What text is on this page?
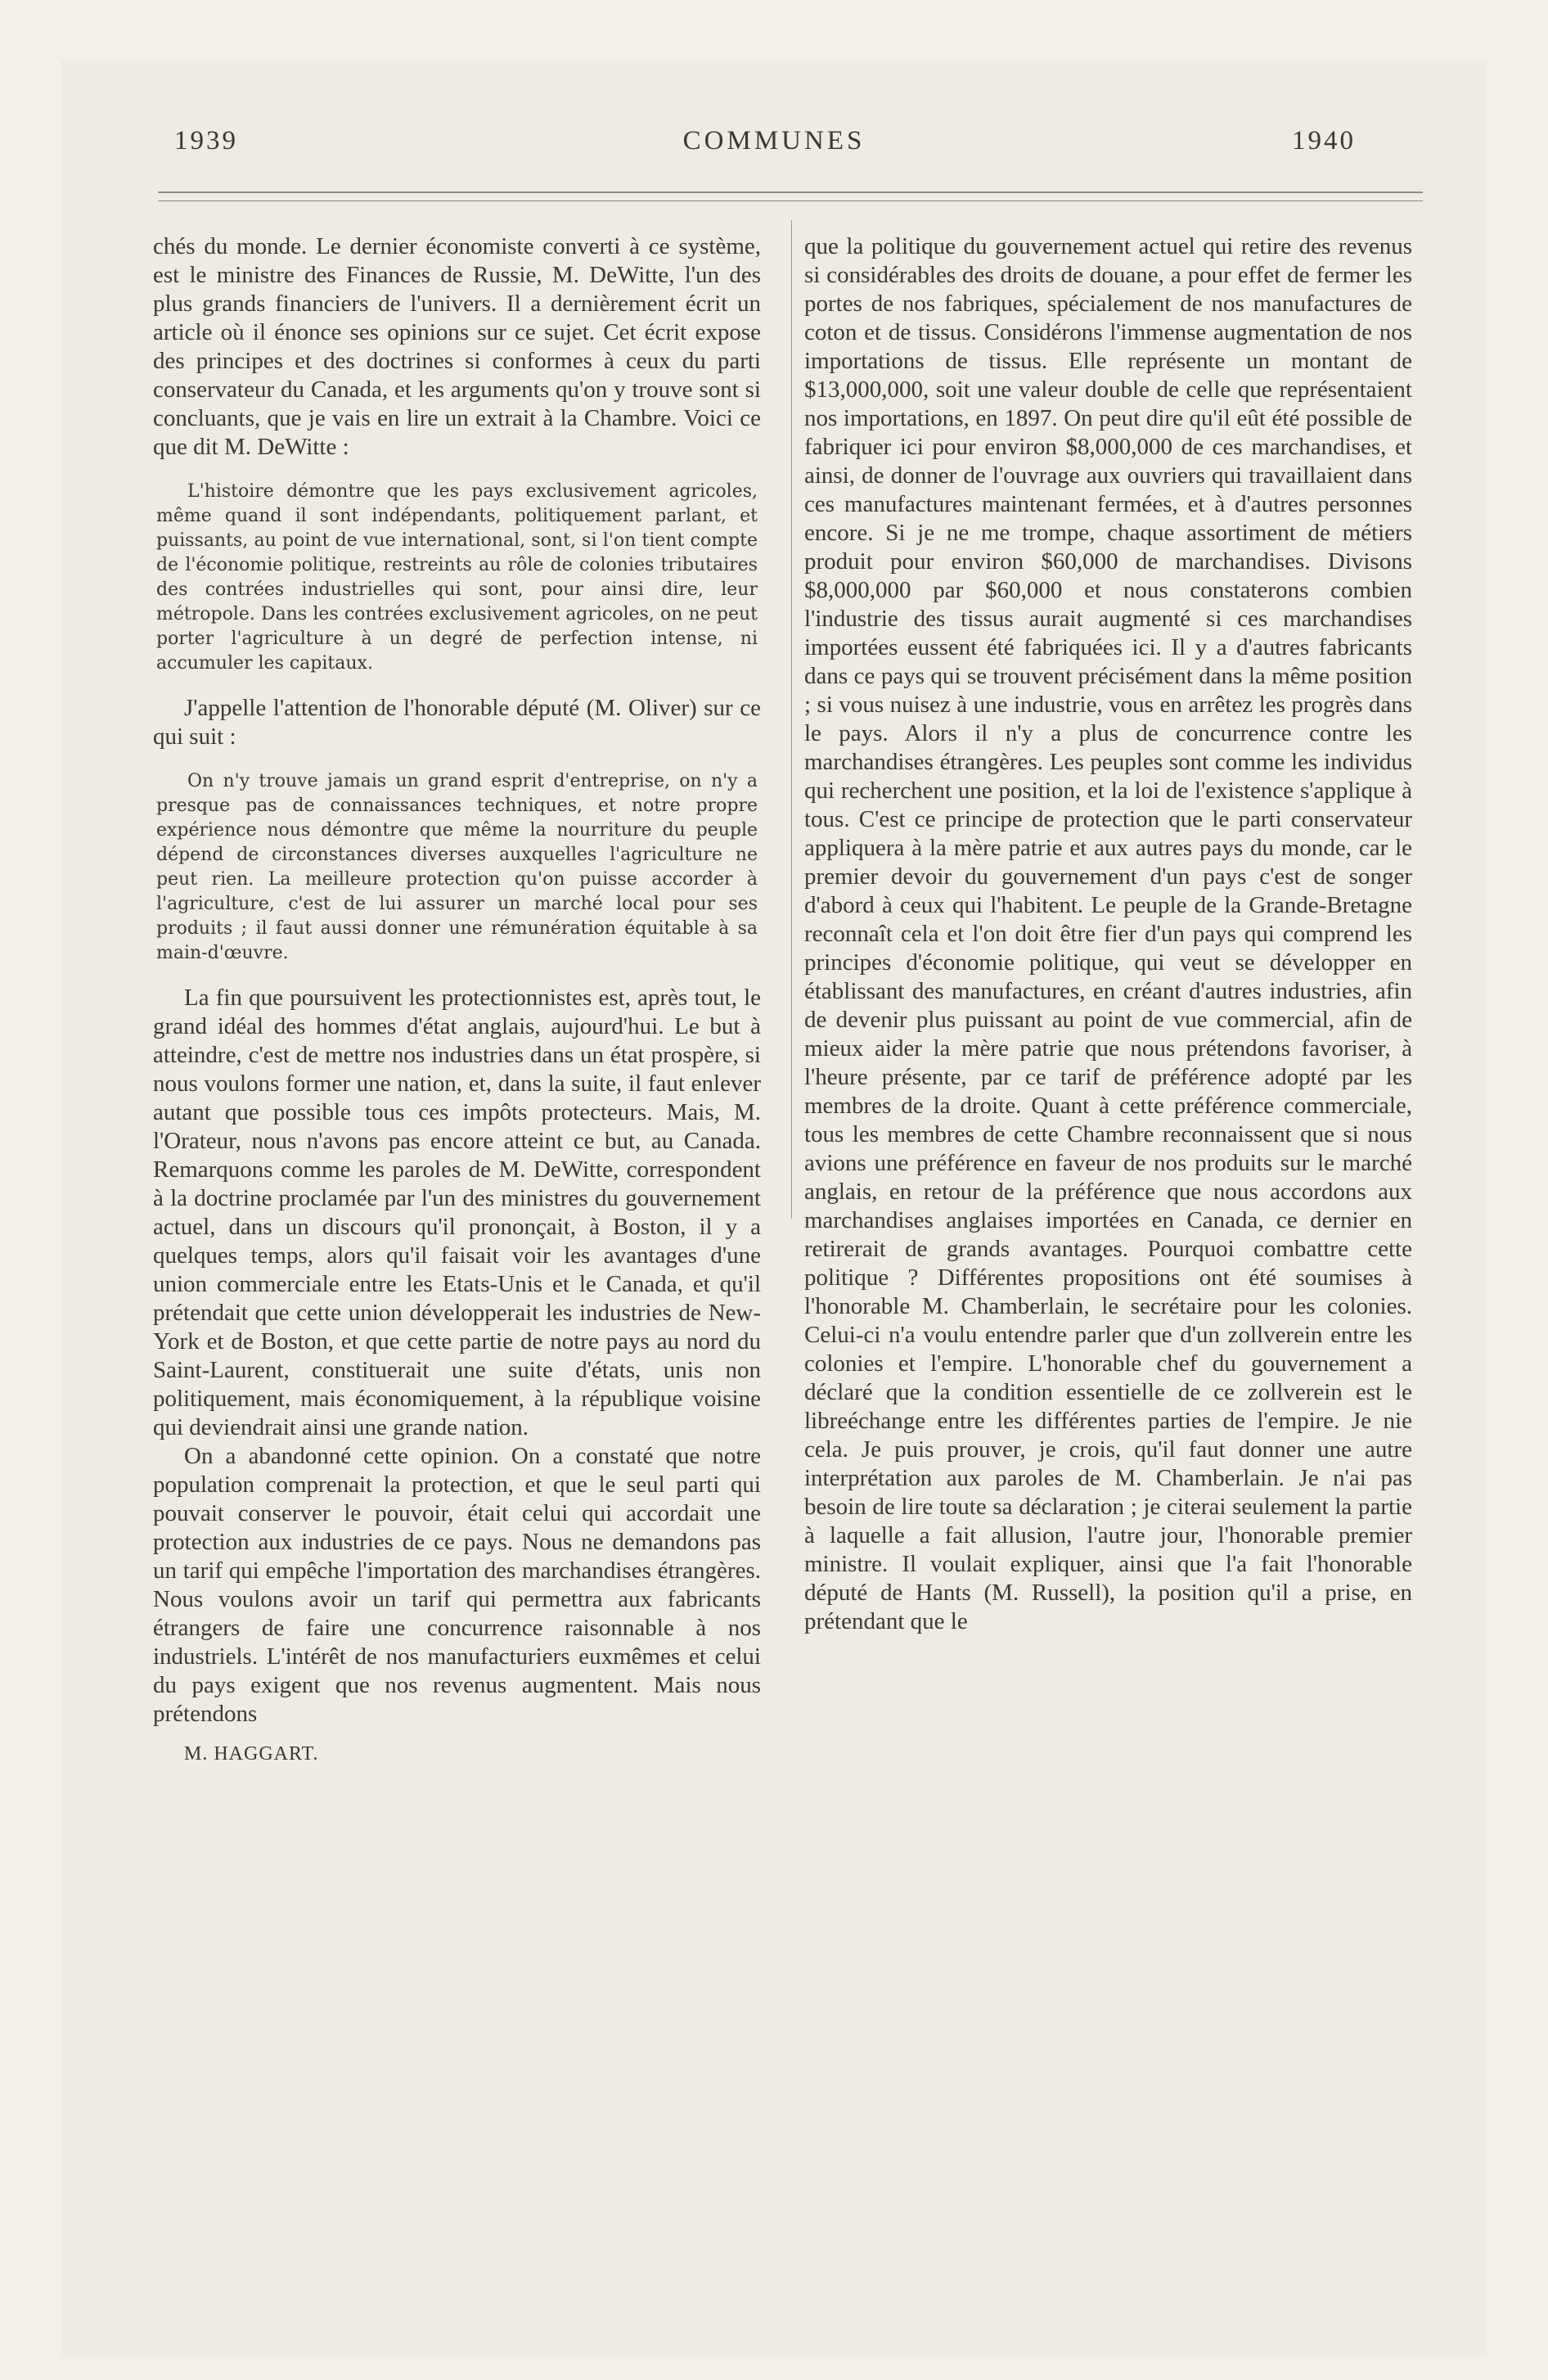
1939	COMMUNES	1940

chés du monde. Le dernier économiste converti à ce système, est le ministre des Finances de Russie, M. DeWitte, l'un des plus grands financiers de l'univers. Il a dernièrement écrit un article où il énonce ses opinions sur ce sujet. Cet écrit expose des principes et des doctrines si conformes à ceux du parti conservateur du Canada, et les arguments qu'on y trouve sont si concluants, que je vais en lire un extrait à la Chambre. Voici ce que dit M. DeWitte :

L'histoire démontre que les pays exclusivement agricoles, même quand il sont indépendants, politiquement parlant, et puissants, au point de vue international, sont, si l'on tient compte de l'économie politique, restreints au rôle de colonies tributaires des contrées industrielles qui sont, pour ainsi dire, leur métropole. Dans les contrées exclusivement agricoles, on ne peut porter l'agriculture à un degré de perfection intense, ni accumuler les capitaux.

J'appelle l'attention de l'honorable député (M. Oliver) sur ce qui suit :

On n'y trouve jamais un grand esprit d'entreprise, on n'y a presque pas de connaissances techniques, et notre propre expérience nous démontre que même la nourriture du peuple dépend de circonstances diverses auxquelles l'agriculture ne peut rien. La meilleure protection qu'on puisse accorder à l'agriculture, c'est de lui assurer un marché local pour ses produits ; il faut aussi donner une rémunération équitable à sa main-d'œuvre.

La fin que poursuivent les protectionnistes est, après tout, le grand idéal des hommes d'état anglais, aujourd'hui. Le but à atteindre, c'est de mettre nos industries dans un état prospère, si nous voulons former une nation, et, dans la suite, il faut enlever autant que possible tous ces impôts protecteurs. Mais, M. l'Orateur, nous n'avons pas encore atteint ce but, au Canada. Remarquons comme les paroles de M. DeWitte, correspondent à la doctrine proclamée par l'un des ministres du gouvernement actuel, dans un discours qu'il prononçait, à Boston, il y a quelques temps, alors qu'il faisait voir les avantages d'une union commerciale entre les Etats-Unis et le Canada, et qu'il prétendait que cette union développerait les industries de New-York et de Boston, et que cette partie de notre pays au nord du Saint-Laurent, constituerait une suite d'états, unis non politiquement, mais économiquement, à la république voisine qui deviendrait ainsi une grande nation.

On a abandonné cette opinion. On a constaté que notre population comprenait la protection, et que le seul parti qui pouvait conserver le pouvoir, était celui qui accordait une protection aux industries de ce pays. Nous ne demandons pas un tarif qui empêche l'importation des marchandises étrangères. Nous voulons avoir un tarif qui permettra aux fabricants étrangers de faire une concurrence raisonnable à nos industriels. L'intérêt de nos manufacturiers euxmêmes et celui du pays exigent que nos revenus augmentent. Mais nous prétendons

M. HAGGART.

que la politique du gouvernement actuel qui retire des revenus si considérables des droits de douane, a pour effet de fermer les portes de nos fabriques, spécialement de nos manufactures de coton et de tissus. Considérons l'immense augmentation de nos importations de tissus. Elle représente un montant de $13,000,000, soit une valeur double de celle que représentaient nos importations, en 1897. On peut dire qu'il eût été possible de fabriquer ici pour environ $8,000,000 de ces marchandises, et ainsi, de donner de l'ouvrage aux ouvriers qui travaillaient dans ces manufactures maintenant fermées, et à d'autres personnes encore. Si je ne me trompe, chaque assortiment de métiers produit pour environ $60,000 de marchandises. Divisons $8,000,000 par $60,000 et nous constaterons combien l'industrie des tissus aurait augmenté si ces marchandises importées eussent été fabriquées ici. Il y a d'autres fabricants dans ce pays qui se trouvent précisément dans la même position ; si vous nuisez à une industrie, vous en arrêtez les progrès dans le pays. Alors il n'y a plus de concurrence contre les marchandises étrangères. Les peuples sont comme les individus qui recherchent une position, et la loi de l'existence s'applique à tous. C'est ce principe de protection que le parti conservateur appliquera à la mère patrie et aux autres pays du monde, car le premier devoir du gouvernement d'un pays c'est de songer d'abord à ceux qui l'habitent. Le peuple de la Grande-Bretagne reconnaît cela et l'on doit être fier d'un pays qui comprend les principes d'économie politique, qui veut se développer en établissant des manufactures, en créant d'autres industries, afin de devenir plus puissant au point de vue commercial, afin de mieux aider la mère patrie que nous prétendons favoriser, à l'heure présente, par ce tarif de préférence adopté par les membres de la droite. Quant à cette préférence commerciale, tous les membres de cette Chambre reconnaissent que si nous avions une préférence en faveur de nos produits sur le marché anglais, en retour de la préférence que nous accordons aux marchandises anglaises importées en Canada, ce dernier en retirerait de grands avantages. Pourquoi combattre cette politique ? Différentes propositions ont été soumises à l'honorable M. Chamberlain, le secrétaire pour les colonies. Celui-ci n'a voulu entendre parler que d'un zollverein entre les colonies et l'empire. L'honorable chef du gouvernement a déclaré que la condition essentielle de ce zollverein est le libreéchange entre les différentes parties de l'empire. Je nie cela. Je puis prouver, je crois, qu'il faut donner une autre interprétation aux paroles de M. Chamberlain. Je n'ai pas besoin de lire toute sa déclaration ; je citerai seulement la partie à laquelle a fait allusion, l'autre jour, l'honorable premier ministre. Il voulait expliquer, ainsi que l'a fait l'honorable député de Hants (M. Russell), la position qu'il a prise, en prétendant que le
